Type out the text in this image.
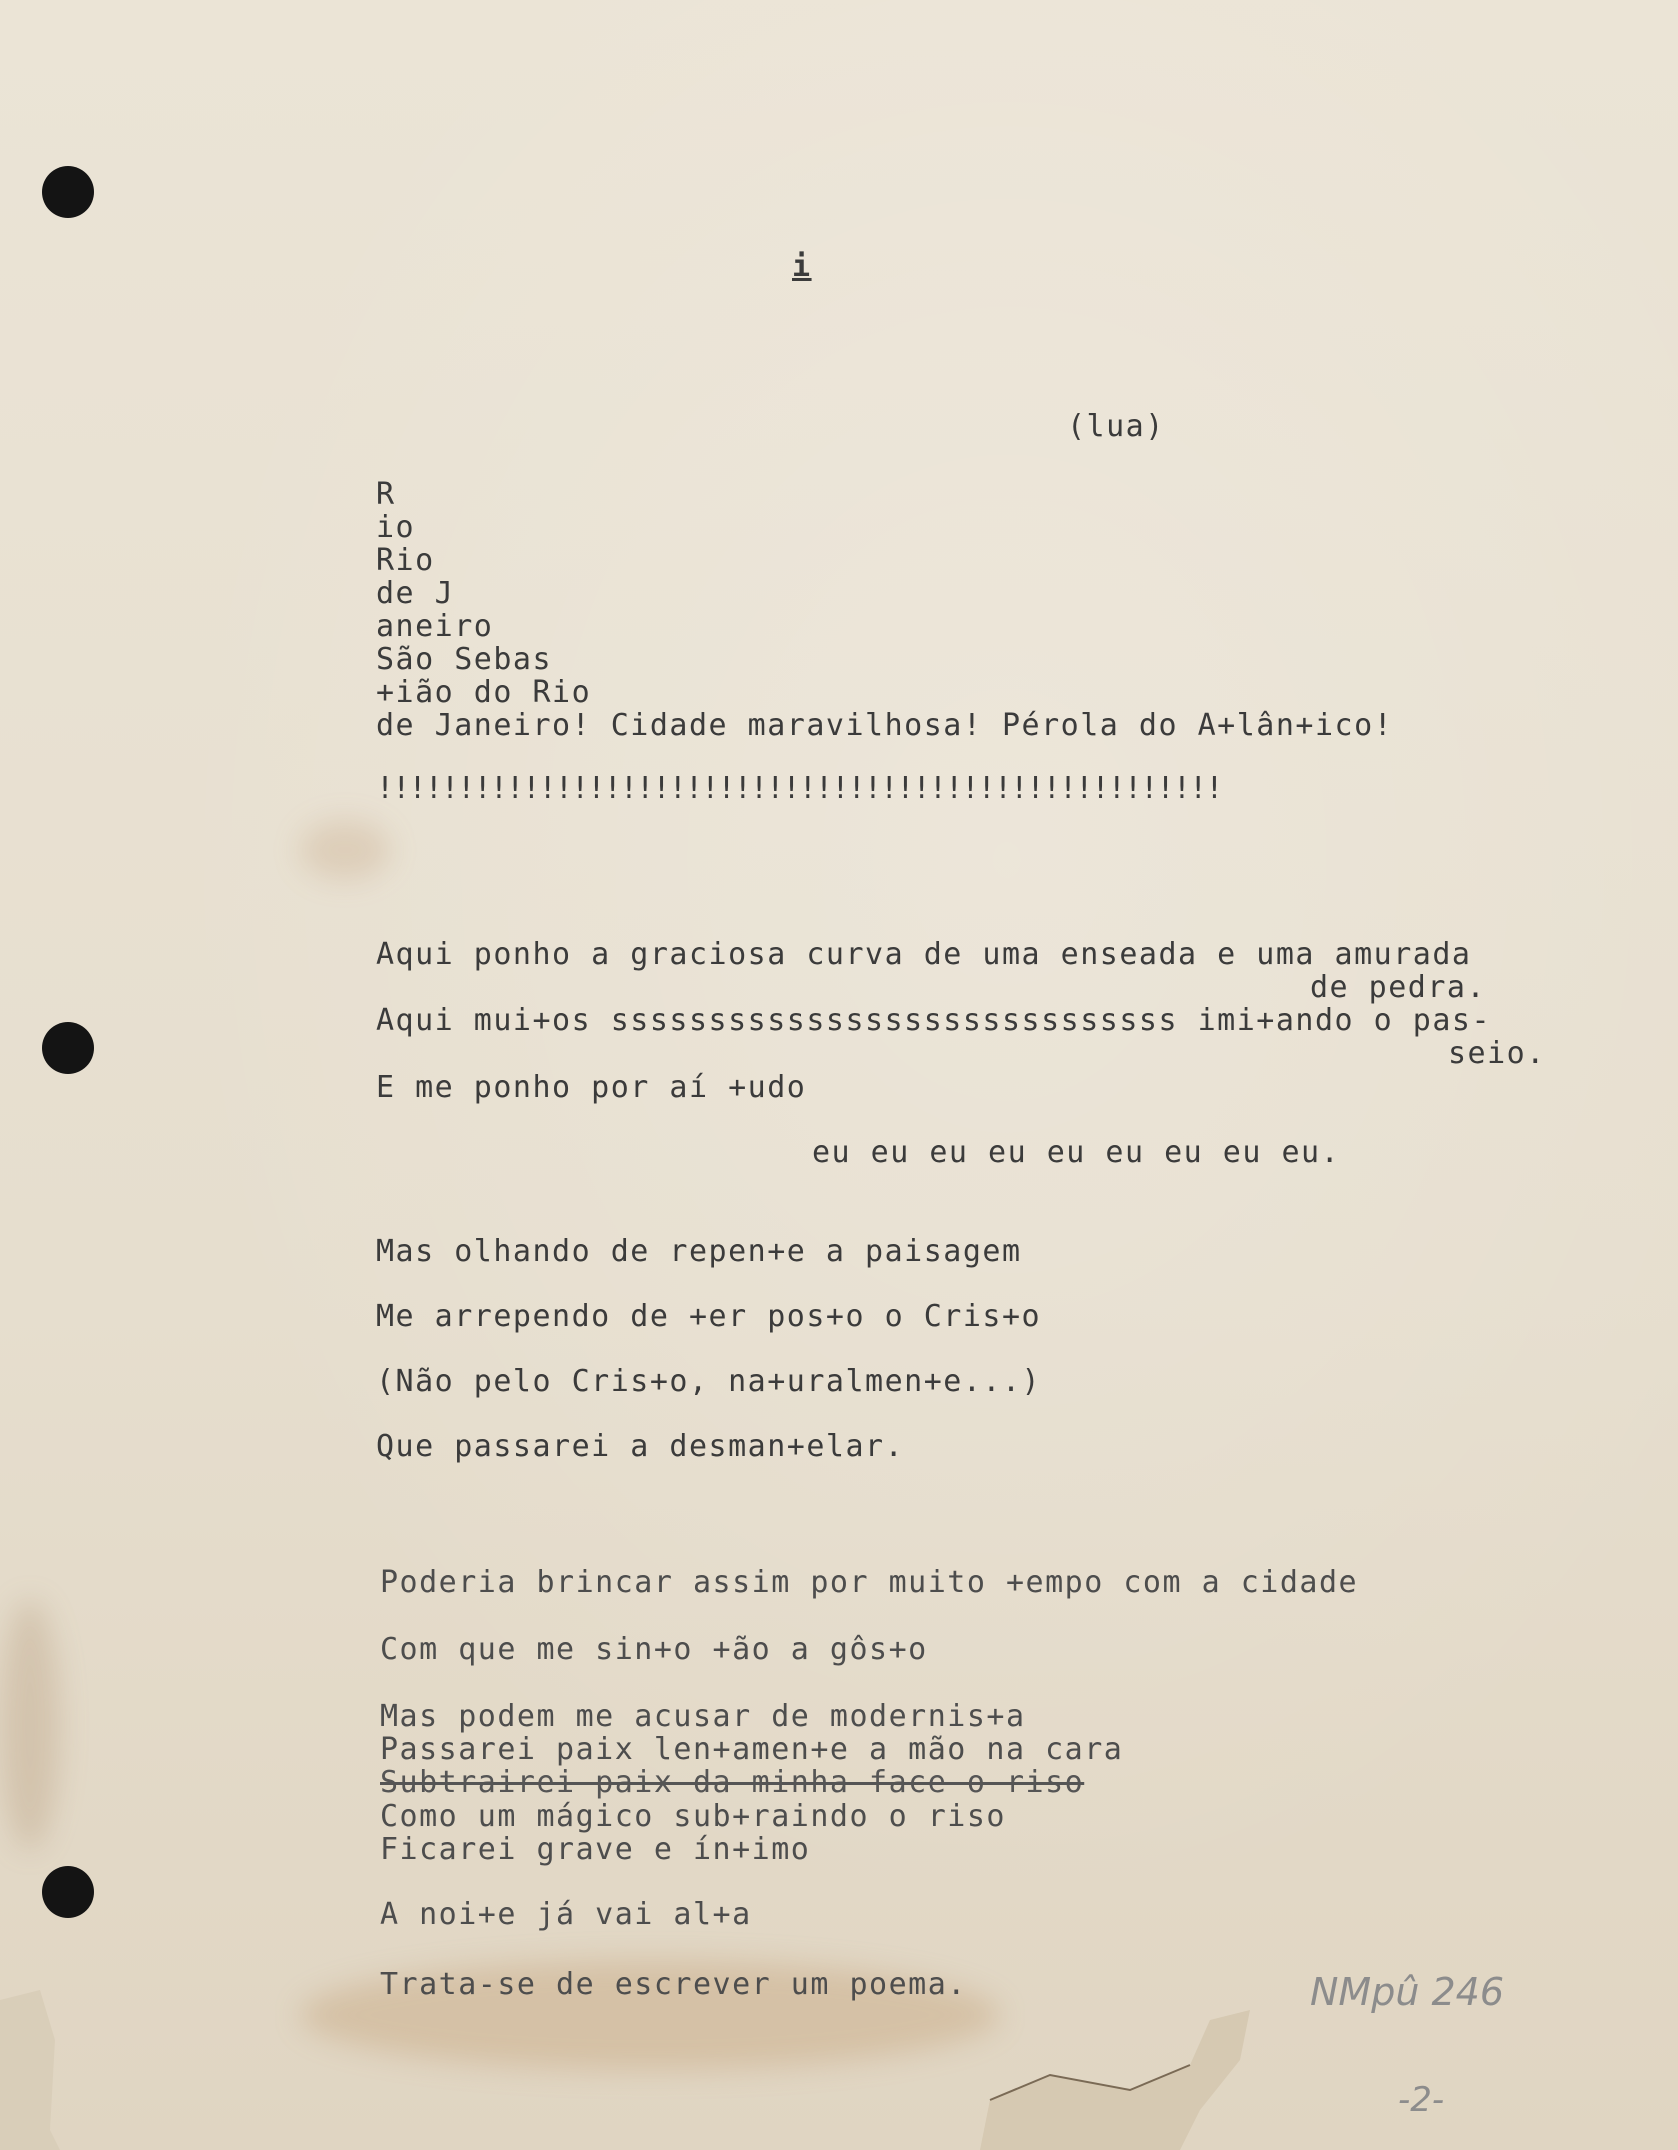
i
(lua)
R
io
Rio
de J
aneiro
São Sebas
+ião do Rio
de Janeiro! Cidade maravilhosa! Pérola do A+lân+ico!
!!!!!!!!!!!!!!!!!!!!!!!!!!!!!!!!!!!!!!!!!!!!!!!!!!!!
Aqui ponho a graciosa curva de uma enseada e uma amurada
de pedra.
Aqui mui+os sssssssssssssssssssssssssssss imi+ando o pas-
seio.
E me ponho por aí +udo
eu eu eu eu eu eu eu eu eu.
Mas olhando de repen+e a paisagem
Me arrependo de +er pos+o o Cris+o
(Não pelo Cris+o, na+uralmen+e...)
Que passarei a desman+elar.
Poderia brincar assim por muito +empo com a cidade
Com que me sin+o +ão a gôs+o
Mas podem me acusar de modernis+a
Passarei paix len+amen+e a mão na cara
Subtrairei paix da minha face o riso
Como um mágico sub+raindo o riso
Ficarei grave e ín+imo
A noi+e já vai al+a
Trata-se de escrever um poema.	NMpû 246
-2-
